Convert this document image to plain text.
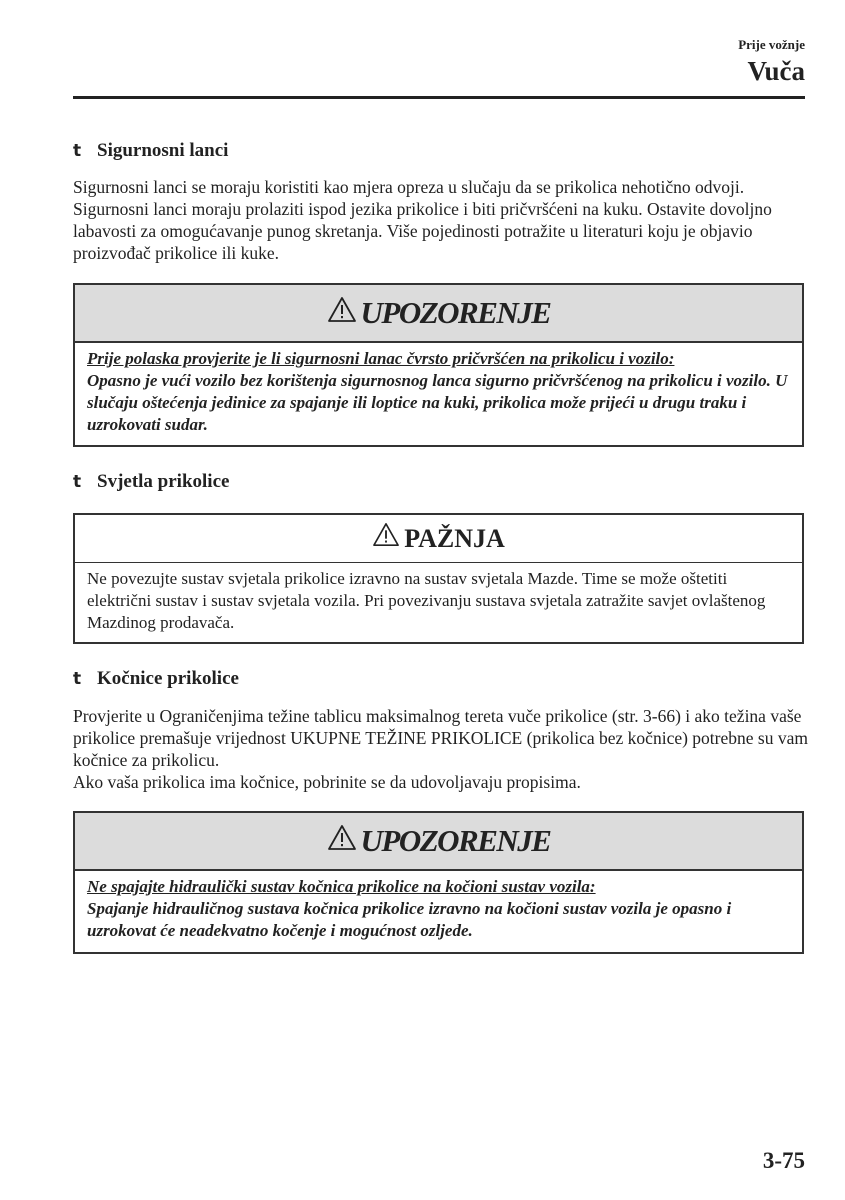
Prije vožnje
Vuča
t Sigurnosni lanci
Sigurnosni lanci se moraju koristiti kao mjera opreza u slučaju da se prikolica nehotično odvoji. Sigurnosni lanci moraju prolaziti ispod jezika prikolice i biti pričvršćeni na kuku. Ostavite dovoljno labavosti za omogućavanje punog skretanja. Više pojedinosti potražite u literaturi koju je objavio proizvođač prikolice ili kuke.
UPOZORENJE
Prije polaska provjerite je li sigurnosni lanac čvrsto pričvršćen na prikolicu i vozilo:
Opasno je vući vozilo bez korištenja sigurnosnog lanca sigurno pričvršćenog na prikolicu i vozilo. U slučaju oštećenja jedinice za spajanje ili loptice na kuki, prikolica može prijeći u drugu traku i uzrokovati sudar.
t Svjetla prikolice
PAŽNJA
Ne povezujte sustav svjetala prikolice izravno na sustav svjetala Mazde. Time se može oštetiti električni sustav i sustav svjetala vozila. Pri povezivanju sustava svjetala zatražite savjet ovlaštenog Mazdinog prodavača.
t Kočnice prikolice
Provjerite u Ograničenjima težine tablicu maksimalnog tereta vuče prikolice (str. 3-66) i ako težina vaše prikolice premašuje vrijednost UKUPNE TEŽINE PRIKOLICE (prikolica bez kočnice) potrebne su vam kočnice za prikolicu.
Ako vaša prikolica ima kočnice, pobrinite se da udovoljavaju propisima.
UPOZORENJE
Ne spajajte hidraulički sustav kočnica prikolice na kočioni sustav vozila:
Spajanje hidrauličnog sustava kočnica prikolice izravno na kočioni sustav vozila je opasno i uzrokovat će neadekvatno kočenje i mogućnost ozljede.
3-75
